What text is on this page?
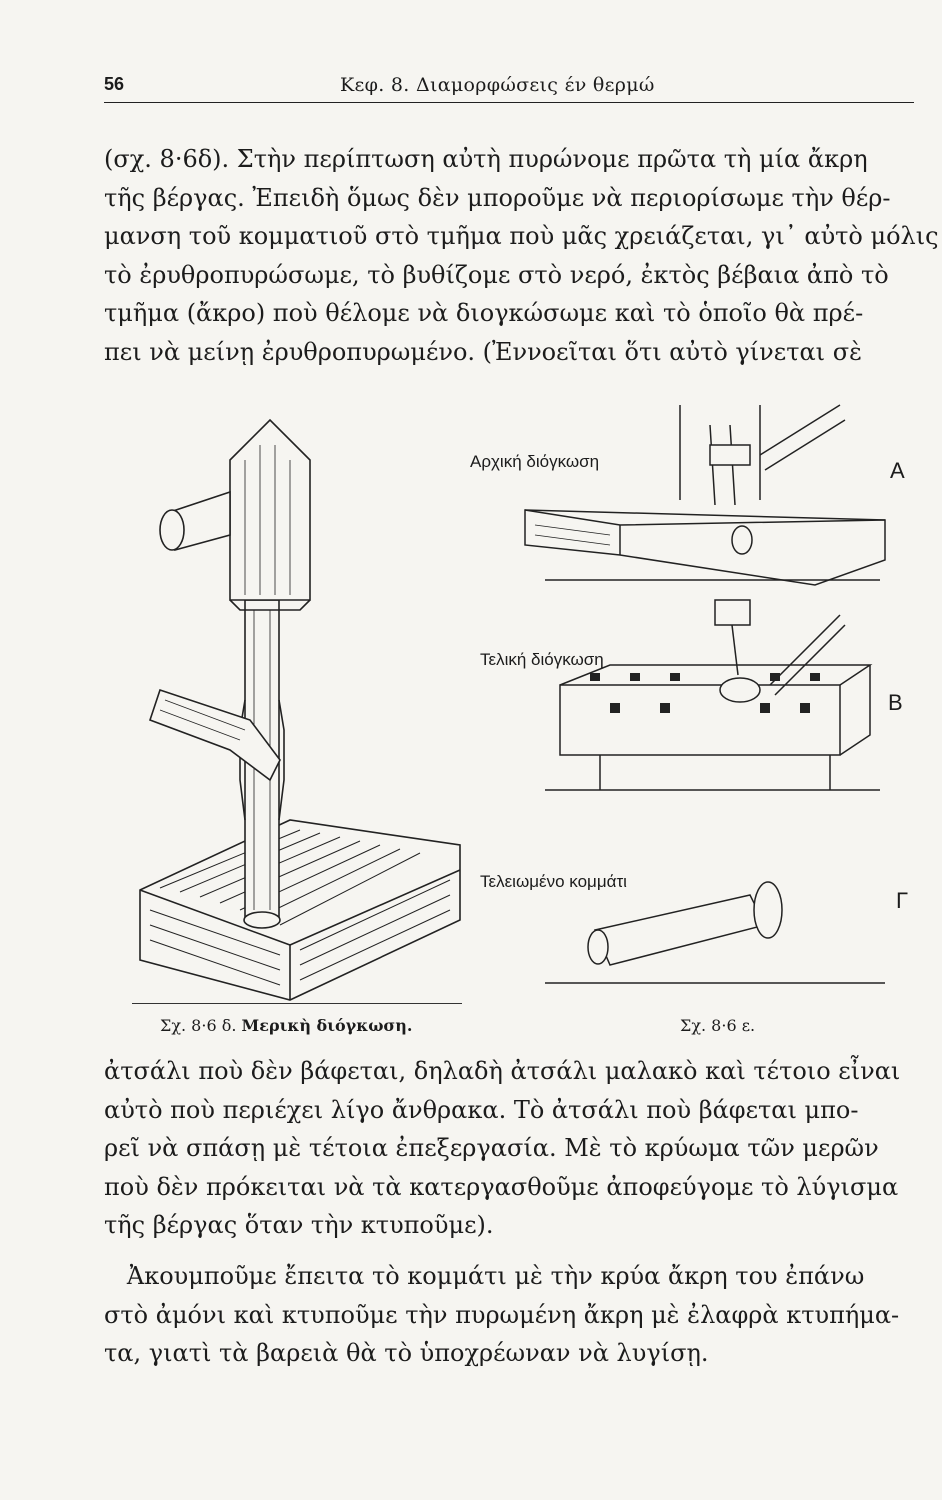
56	Κεφ. 8. Διαμορφώσεις έν θερμώ
(σχ. 8·6δ). Στὴν περίπτωση αὐτὴ πυρώνομε πρῶτα τὴ μία ἄκρη
τῆς βέργας. Ἐπειδὴ ὅμως δὲν μποροῦμε νὰ περιορίσωμε τὴν θέρ-
μανση τοῦ κομματιοῦ στὸ τμῆμα ποὺ μᾶς χρειάζεται, γι᾽ αὐτὸ μόλις
τὸ ἐρυθροπυρώσωμε, τὸ βυθίζομε στὸ νερό, ἐκτὸς βέβαια ἀπὸ τὸ
τμῆμα (ἄκρο) ποὺ θέλομε νὰ διογκώσωμε καὶ τὸ ὁποῖο θὰ πρέ-
πει νὰ μείνῃ ἐρυθροπυρωμένο. (Ἐννοεῖται ὅτι αὐτὸ γίνεται σὲ
Σχ. 8·6 δ. Μερικὴ διόγκωση.
Αρχική διόγκωση
Τελική διόγκωση
Τελειωμένο κομμάτι
Α
Β
Γ
Σχ. 8·6 ε.
ἀτσάλι ποὺ δὲν βάφεται, δηλαδὴ ἀτσάλι μαλακὸ καὶ τέτοιο εἶναι
αὐτὸ ποὺ περιέχει λίγο ἄνθρακα. Τὸ ἀτσάλι ποὺ βάφεται μπο-
ρεῖ νὰ σπάσῃ μὲ τέτοια ἐπεξεργασία. Μὲ τὸ κρύωμα τῶν μερῶν
ποὺ δὲν πρόκειται νὰ τὰ κατεργασθοῦμε ἀποφεύγομε τὸ λύγισμα
τῆς βέργας ὅταν τὴν κτυποῦμε).
Ἀκουμποῦμε ἔπειτα τὸ κομμάτι μὲ τὴν κρύα ἄκρη του ἐπάνω
στὸ ἀμόνι καὶ κτυποῦμε τὴν πυρωμένη ἄκρη μὲ ἐλαφρὰ κτυπήμα-
τα, γιατὶ τὰ βαρειὰ θὰ τὸ ὑποχρέωναν νὰ λυγίσῃ.
